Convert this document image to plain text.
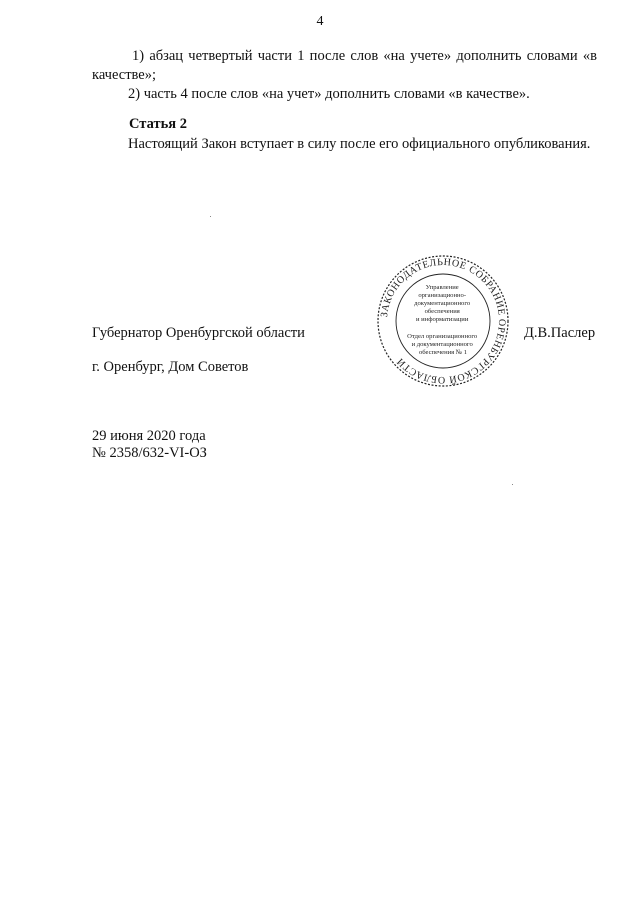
4
1) абзац четвертый части 1 после слов «на учете» дополнить словами «в качестве»;
2) часть 4 после слов «на учет» дополнить словами «в качестве».
Статья 2
Настоящий Закон вступает в силу после его официального опубликования.
ЗАКОНОДАТЕЛЬНОЕ СОБРАНИЕ ОРЕНБУРГСКОЙ ОБЛАСТИ
Управление организационно- документационного обеспечения и информатизации Отдел организационного и документационного обеспечения № 1
Губернатор Оренбургской области	Д.В.Паслер
г. Оренбург, Дом Советов
29 июня 2020 года
№ 2358/632-VI-ОЗ
